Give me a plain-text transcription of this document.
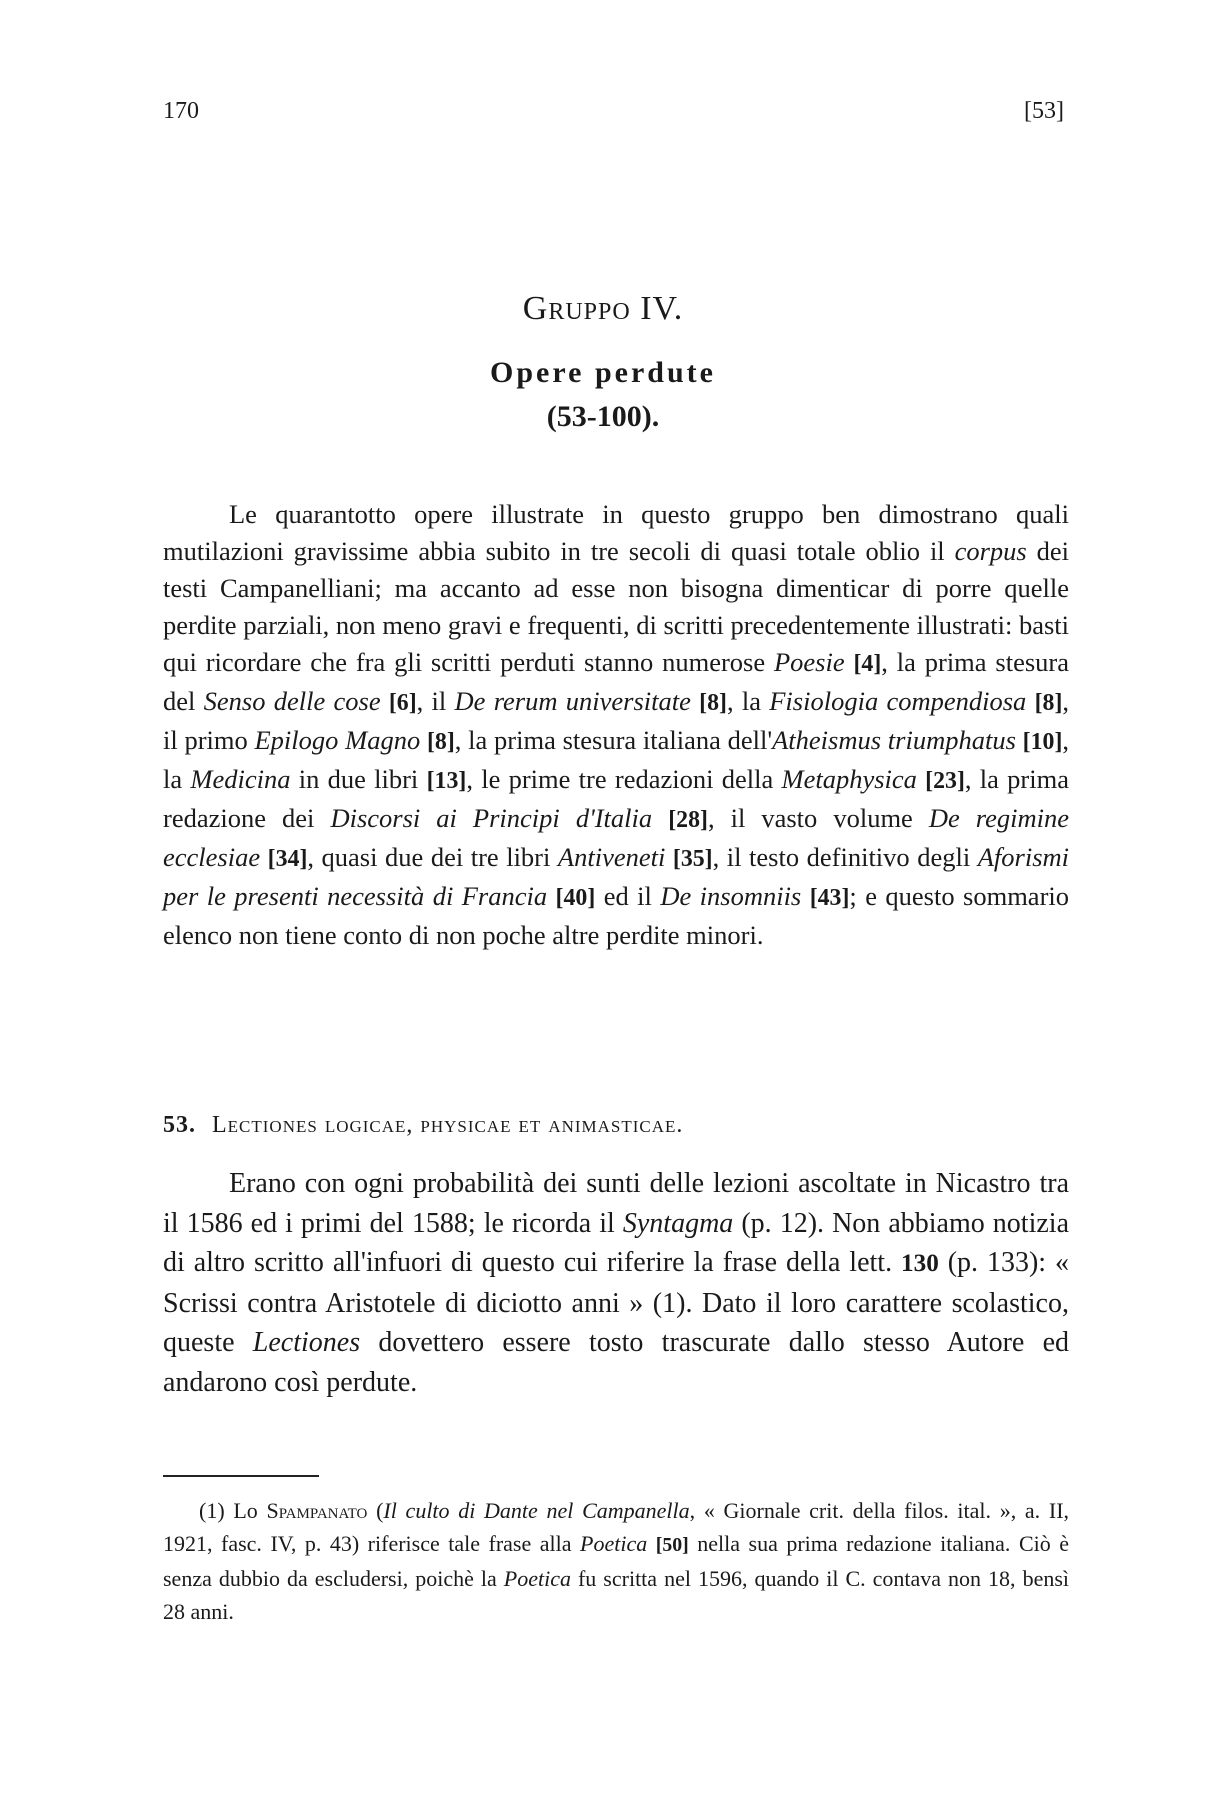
170	[53]
Gruppo IV.
Opere perdute
(53-100).

Le quarantotto opere illustrate in questo gruppo ben dimostrano quali mutilazioni gravissime abbia subito in tre secoli di quasi totale oblio il corpus dei testi Campanelliani; ma accanto ad esse non bisogna dimenticar di porre quelle perdite parziali, non meno gravi e frequenti, di scritti precedentemente illustrati: basti qui ricordare che fra gli scritti perduti stanno numerose Poesie [4], la prima stesura del Senso delle cose [6], il De rerum universitate [8], la Fisiologia compendiosa [8], il primo Epilogo Magno [8], la prima stesura italiana dell'Atheismus triumphatus [10], la Medicina in due libri [13], le prime tre redazioni della Metaphysica [23], la prima redazione dei Discorsi ai Principi d'Italia [28], il vasto volume De regimine ecclesiae [34], quasi due dei tre libri Antiveneti [35], il testo definitivo degli Aforismi per le presenti necessità di Francia [40] ed il De insomniis [43]; e questo sommario elenco non tiene conto di non poche altre perdite minori.

53. Lectiones logicae, physicae et animasticae.

Erano con ogni probabilità dei sunti delle lezioni ascoltate in Nicastro tra il 1586 ed i primi del 1588; le ricorda il Syntagma (p. 12). Non abbiamo notizia di altro scritto all'infuori di questo cui riferire la frase della lett. 130 (p. 133): « Scrissi contra Aristotele di diciotto anni » (1). Dato il loro carattere scolastico, queste Lectiones dovettero essere tosto trascurate dallo stesso Autore ed andarono così perdute.

(1) Lo Spampanato (Il culto di Dante nel Campanella, « Giornale crit. della filos. ital. », a. II, 1921, fasc. IV, p. 43) riferisce tale frase alla Poetica [50] nella sua prima redazione italiana. Ciò è senza dubbio da escludersi, poichè la Poetica fu scritta nel 1596, quando il C. contava non 18, bensì 28 anni.
